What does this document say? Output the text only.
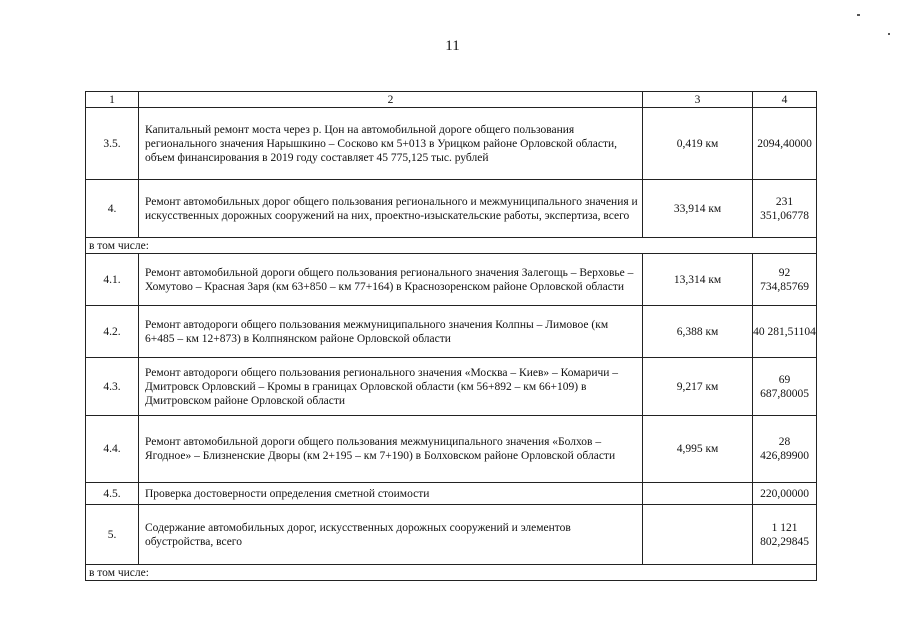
11
1	2	3	4
3.5.	Капитальный ремонт моста через р. Цон на автомобильной дороге общего пользования регионального значения Нарышкино – Сосково км 5+013 в Урицком районе Орловской области, объем финансирования в 2019 году составляет 45 775,125 тыс. рублей	0,419 км	2094,40000
4.	Ремонт автомобильных дорог общего пользования регионального и межмуниципального значения и искусственных дорожных сооружений на них, проектно-изыскательские работы, экспертиза, всего	33,914 км	231 351,06778
в том числе:			
4.1.	Ремонт автомобильной дороги общего пользования регионального значения Залегощь – Верховье – Хомутово – Красная Заря (км 63+850 – км 77+164) в Краснозоренском районе Орловской области	13,314 км	92 734,85769
4.2.	Ремонт автодороги общего пользования межмуниципального значения Колпны – Лимовое (км 6+485 – км 12+873) в Колпнянском районе Орловской области	6,388 км	40 281,51104
4.3.	Ремонт автодороги общего пользования регионального значения «Москва – Киев» – Комаричи – Дмитровск Орловский – Кромы в границах Орловской области (км 56+892 – км 66+109) в Дмитровском районе Орловской области	9,217 км	69 687,80005
4.4.	Ремонт автомобильной дороги общего пользования межмуниципального значения «Болхов – Ягодное» – Близненские Дворы (км 2+195 – км 7+190) в Болховском районе Орловской области	4,995 км	28 426,89900
4.5.	Проверка достоверности определения сметной стоимости		220,00000
5.	Содержание автомобильных дорог, искусственных дорожных сооружений и элементов обустройства, всего		1 121 802,29845
в том числе:			
